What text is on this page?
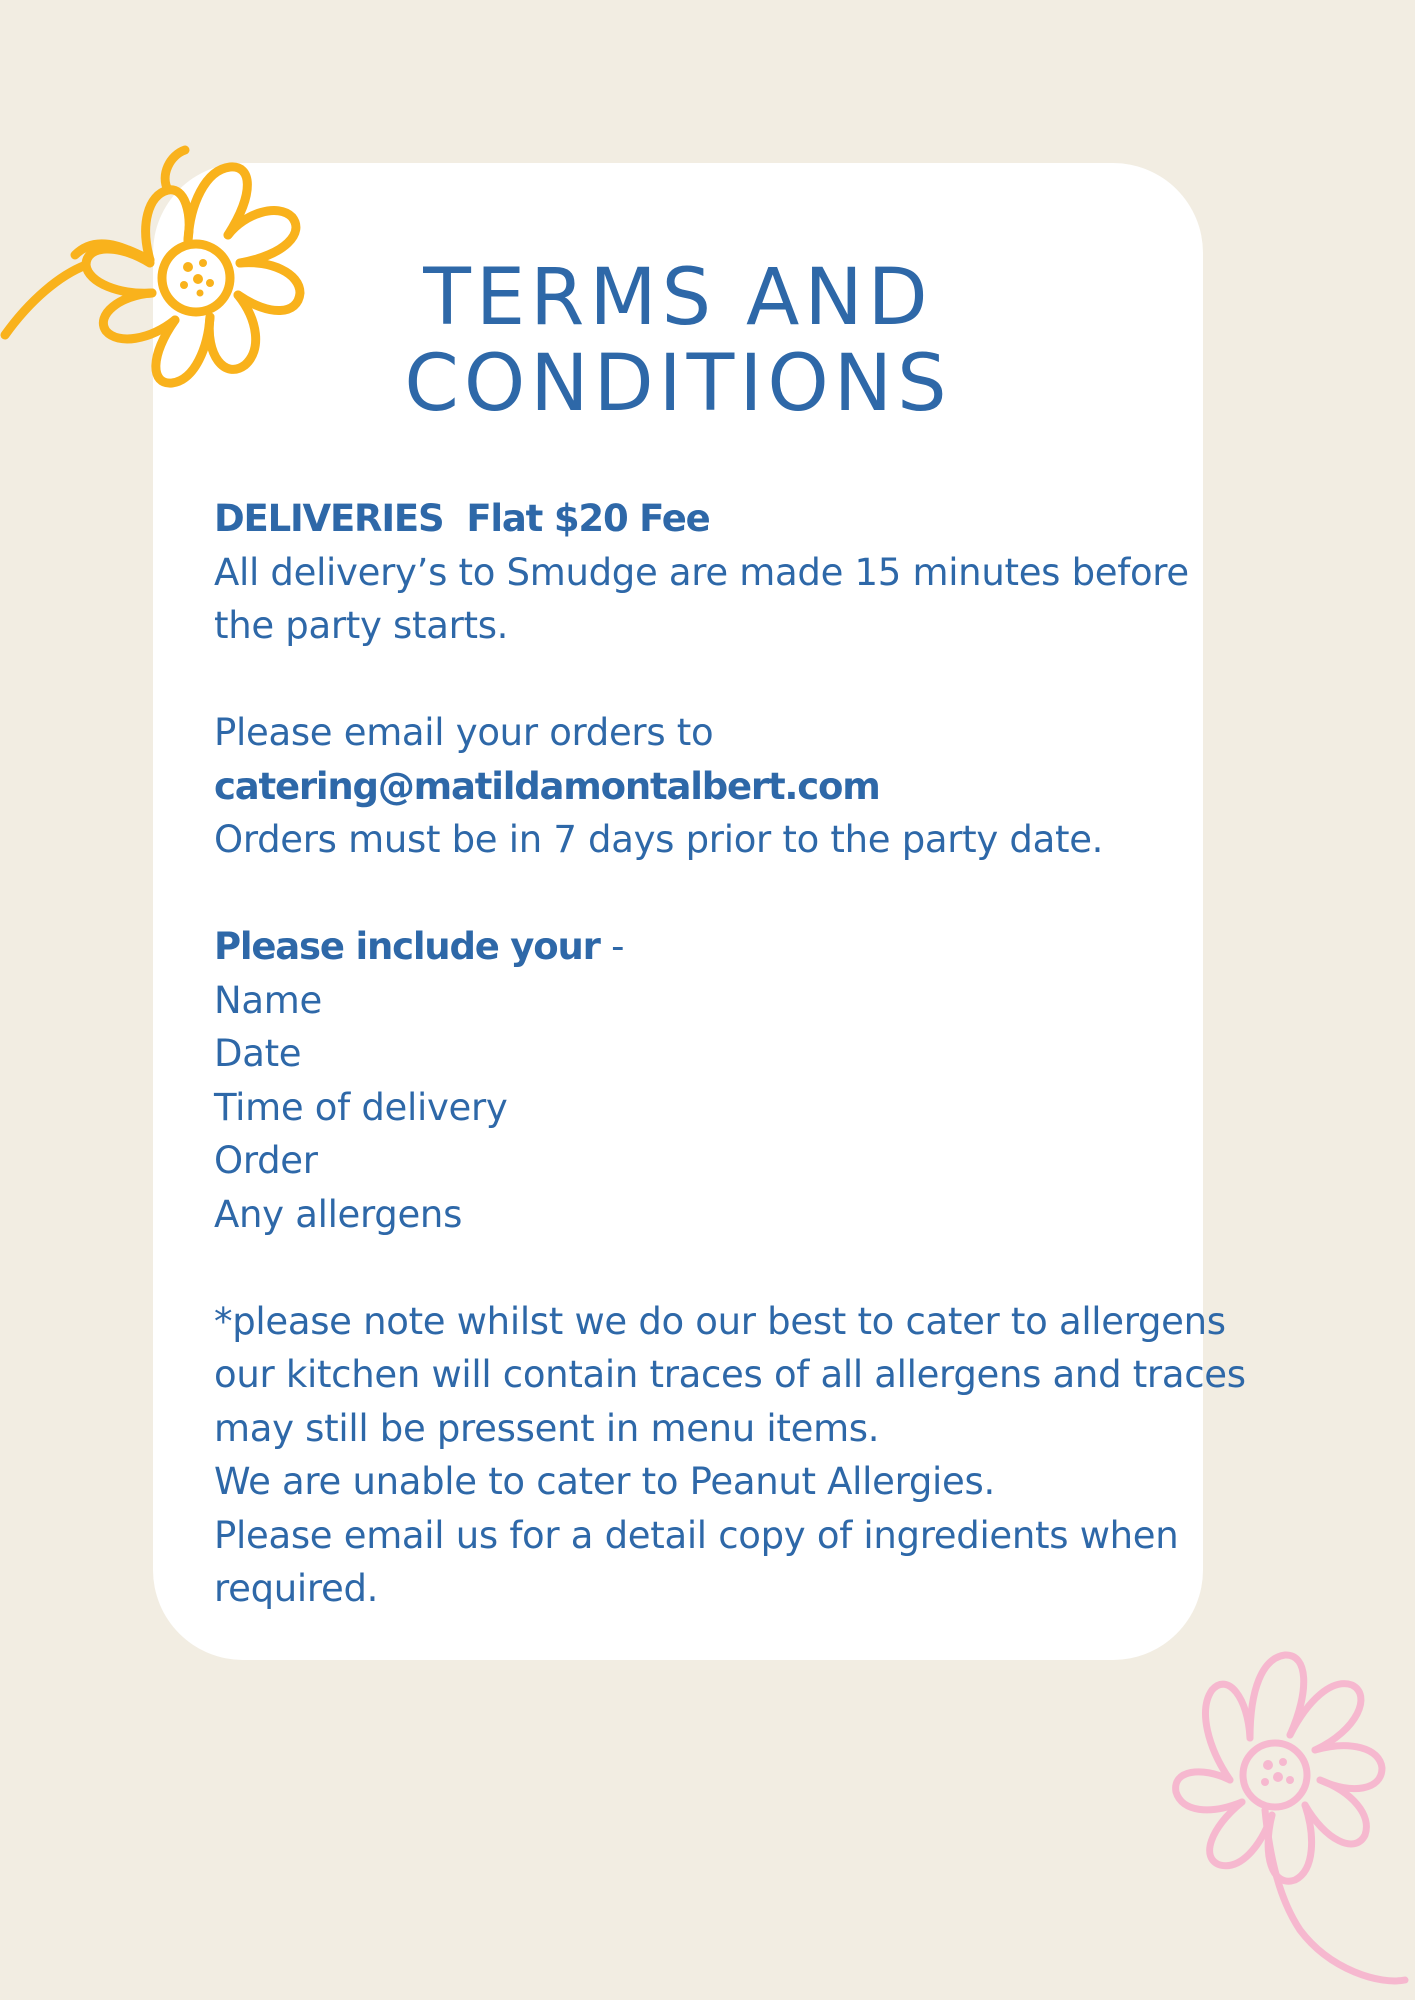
TERMS AND
CONDITIONS
DELIVERIES Flat $20 Fee
All delivery’s to Smudge are made 15 minutes before
the party starts.
Please email your orders to
catering@matildamontalbert.com
Orders must be in 7 days prior to the party date.
Please include your -
Name
Date
Time of delivery
Order
Any allergens
*please note whilst we do our best to cater to allergens
our kitchen will contain traces of all allergens and traces
may still be pressent in menu items.
We are unable to cater to Peanut Allergies.
Please email us for a detail copy of ingredients when
required.
